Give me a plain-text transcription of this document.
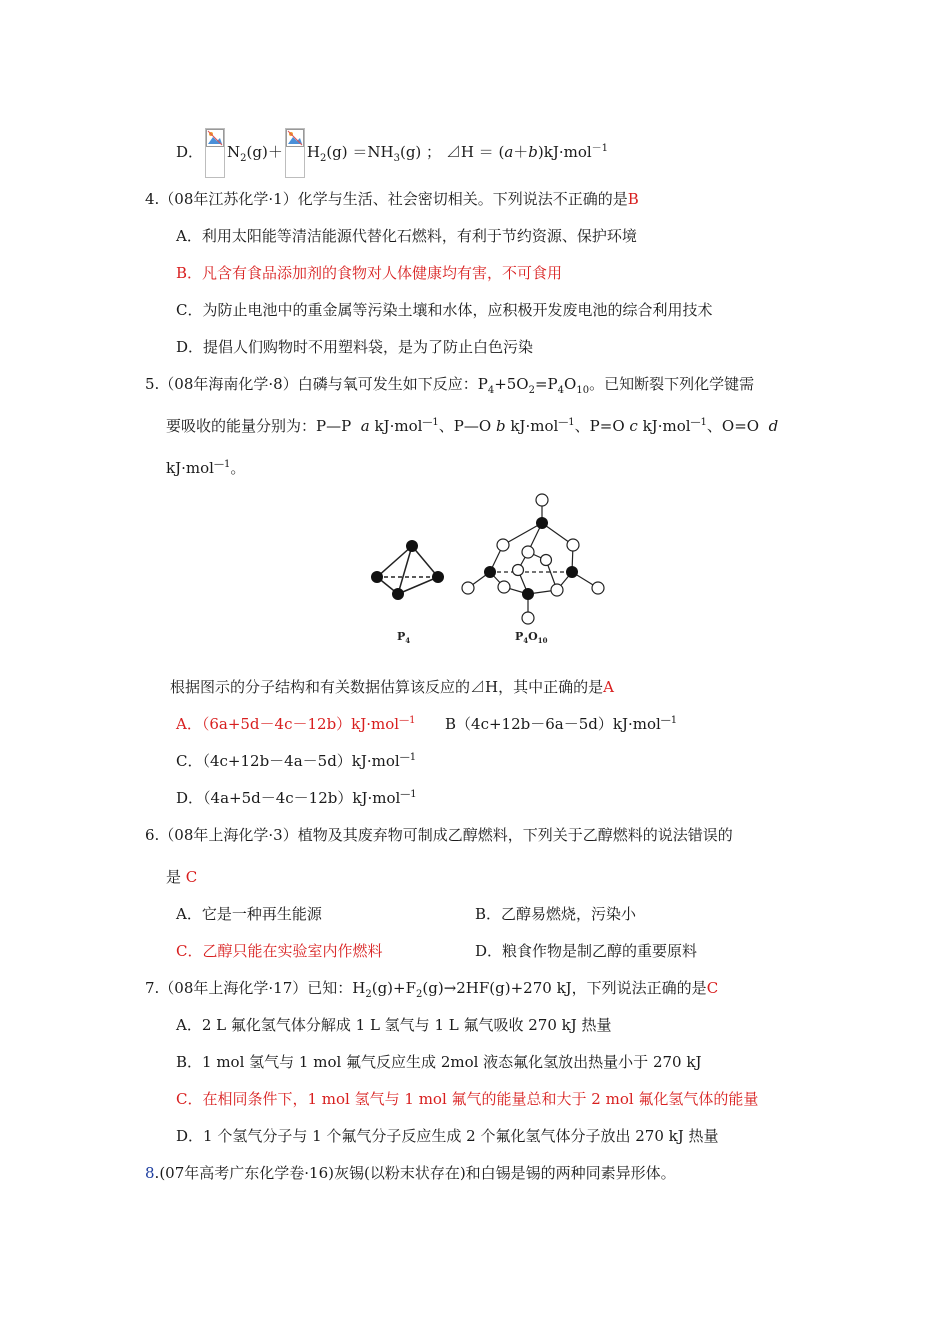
D． $N_2(g)+ H_2(g) =NH_3(g)$ ； ⊿H ＝ (a＋b)kJ·mol$^{-1}$
4.（08年江苏化学·1）化学与生活、社会密切相关。下列说法不正确的是B
A．利用太阳能等清洁能源代替化石燃料，有利于节约资源、保护环境
B．凡含有食品添加剂的食物对人体健康均有害，不可食用
C．为防止电池中的重金属等污染土壤和水体，应积极开发废电池的综合利用技术
D．提倡人们购物时不用塑料袋，是为了防止白色污染
5.（08年海南化学·8）白磷与氧可发生如下反应：$P_4+5O_2=P_4O_{10}$。已知断裂下列化学键需
要吸收的能量分别为：P—P a kJ·mol$^{—1}$、P—O b kJ·mol$^{—1}$、P=O c kJ·mol$^{—1}$、O=O d
kJ·mol$^{—1}$。
$P_4$	$P_4O_{10}$
根据图示的分子结构和有关数据估算该反应的⊿H，其中正确的是A
A．（6a+5d－4c－12b）kJ·mol$^{—1}$ B（4c+12b－6a－5d）kJ·mol$^{—1}$
C．（4c+12b－4a－5d）kJ·mol$^{—1}$
D．（4a+5d－4c－12b）kJ·mol$^{—1}$
6.（08年上海化学·3）植物及其废弃物可制成乙醇燃料，下列关于乙醇燃料的说法错误的
是 C
A．它是一种再生能源	B．乙醇易燃烧，污染小
C．乙醇只能在实验室内作燃料	D．粮食作物是制乙醇的重要原料
7.（08年上海化学·17）已知：$H_2(g)+F_2(g)\to 2HF(g)+270$ kJ，下列说法正确的是C
A．2 L 氟化氢气体分解成 1 L 氢气与 1 L 氟气吸收 270 kJ 热量
B．1 mol 氢气与 1 mol 氟气反应生成 2mol 液态氟化氢放出热量小于 270 kJ
C．在相同条件下，1 mol 氢气与 1 mol 氟气的能量总和大于 2 mol 氟化氢气体的能量
D．1 个氢气分子与 1 个氟气分子反应生成 2 个氟化氢气体分子放出 270 kJ 热量
8.(07年高考广东化学卷·16)灰锡(以粉末状存在)和白锡是锡的两种同素异形体。
